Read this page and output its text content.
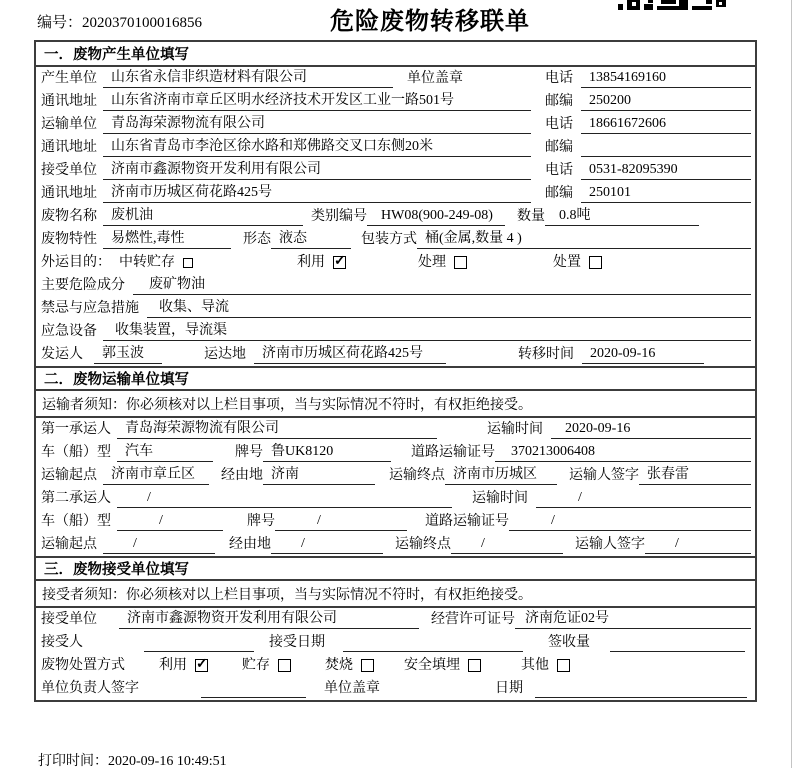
编号：2020370100016856	危险废物转移联单
一．废物产生单位填写
产生单位	山东省永信非织造材料有限公司	单位盖章	电话	13854169160
通讯地址	山东省济南市章丘区明水经济技术开发区工业一路501号	邮编	250200
运输单位	青岛海荣源物流有限公司	电话	18661672606
通讯地址	山东省青岛市李沧区徐水路和郑佛路交叉口东侧20米	邮编
接受单位	济南市鑫源物资开发利用有限公司	电话	0531-82095390
通讯地址	济南市历城区荷花路425号	邮编	250101
废物名称	废机油	类别编号	HW08(900-249-08)	数量	0.8吨
废物特性	易燃性,毒性	形态 液态	包装方式 桶(金属,数量 4 )
外运目的： 中转贮存	利用 ✓	处理	处置
主要危险成分	废矿物油
禁忌与应急措施	收集、导流
应急设备	收集装置，导流渠
发运人	郭玉波	运达地	济南市历城区荷花路425号	转移时间	2020-09-16
二．废物运输单位填写
运输者须知：你必须核对以上栏目事项，当与实际情况不符时，有权拒绝接受。
第一承运人	青岛海荣源物流有限公司	运输时间	2020-09-16
车（船）型	汽车	牌号 鲁UK8120	道路运输证号	370213006408
运输起点	济南市章丘区	经由地 济南	运输终点 济南市历城区	运输人签字 张春雷
第二承运人	/	运输时间	/
车（船）型	/	牌号	/	道路运输证号	/
运输起点	/	经由地	/	运输终点	/	运输人签字	/
三．废物接受单位填写
接受者须知：你必须核对以上栏目事项，当与实际情况不符时，有权拒绝接受。
接受单位	济南市鑫源物资开发利用有限公司	经营许可证号 济南危证02号
接受人	接受日期	签收量
废物处置方式 利用 ✓	贮存	焚烧	安全填埋	其他
单位负责人签字	单位盖章	日期
打印时间：2020-09-16 10:49:51
